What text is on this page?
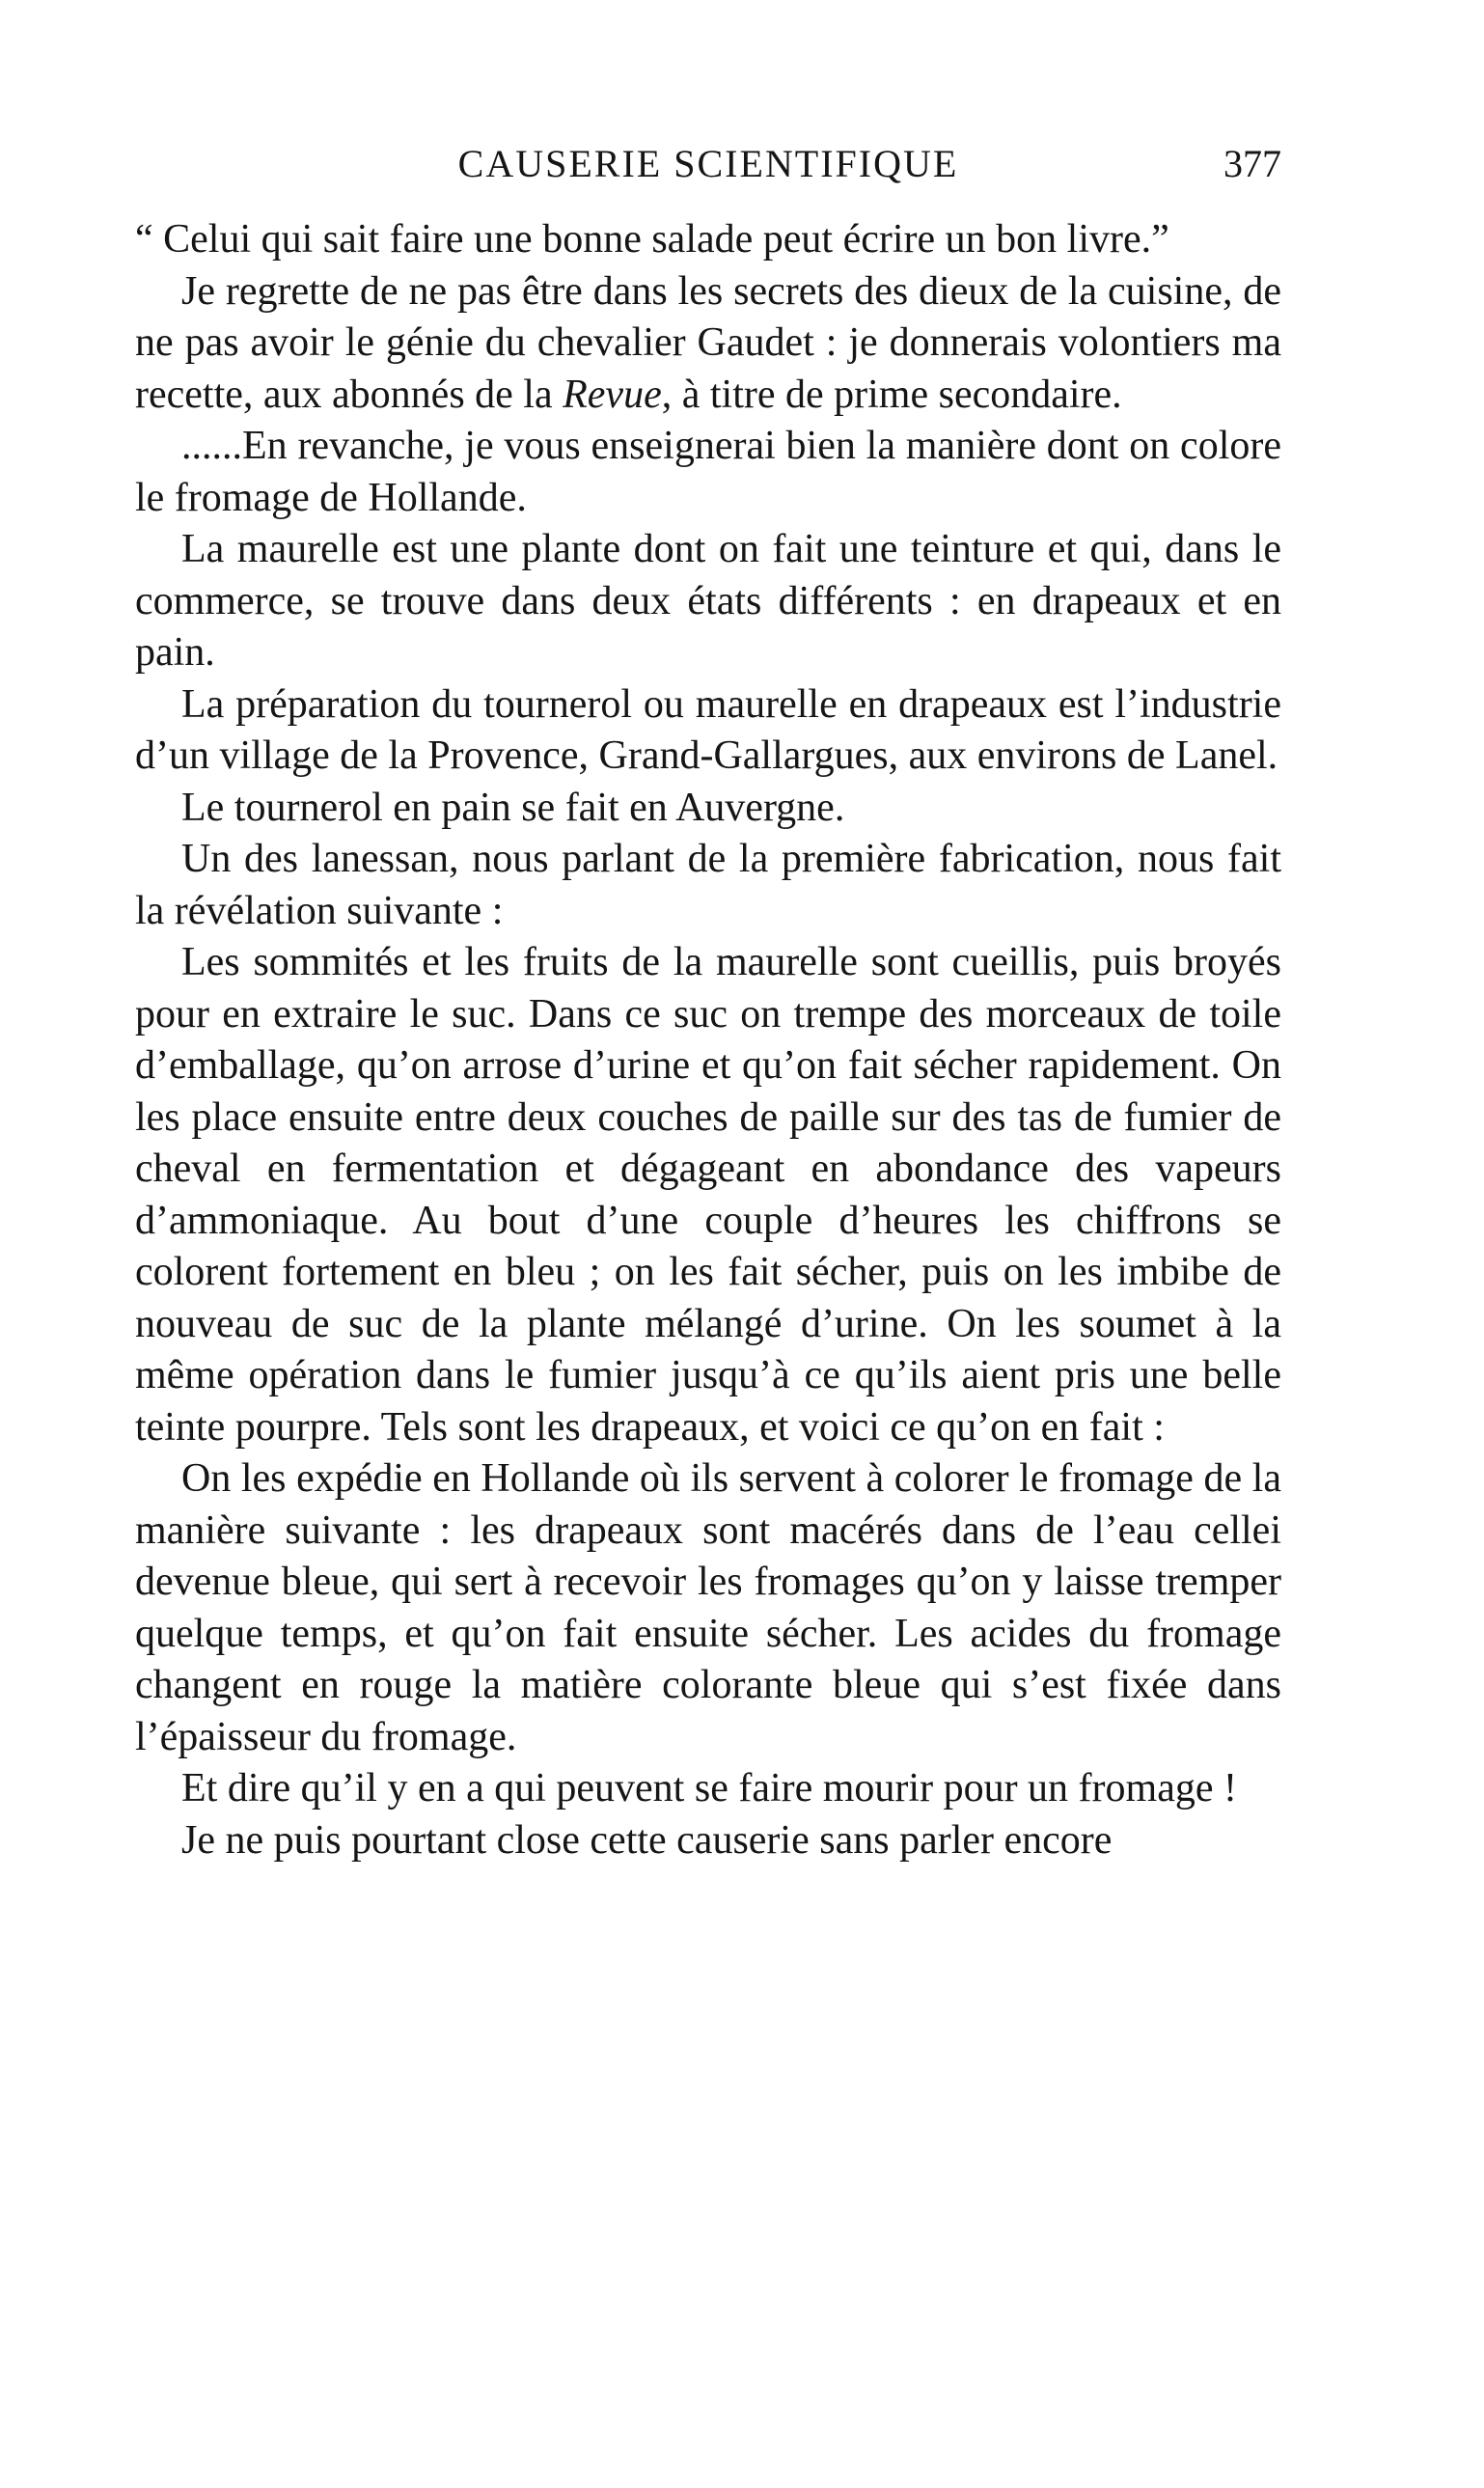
CAUSERIE SCIENTIFIQUE	377

“ Celui qui sait faire une bonne salade peut écrire un bon livre.”

Je regrette de ne pas être dans les secrets des dieux de la cuisine, de ne pas avoir le génie du chevalier Gaudet : je donnerais volontiers ma recette, aux abonnés de la Revue, à titre de prime secondaire.

......En revanche, je vous enseignerai bien la manière dont on colore le fromage de Hollande.

La maurelle est une plante dont on fait une teinture et qui, dans le commerce, se trouve dans deux états différents : en drapeaux et en pain.

La préparation du tournerol ou maurelle en drapeaux est l’industrie d’un village de la Provence, Grand-Gallargues, aux environs de Lanel.

Le tournerol en pain se fait en Auvergne.

Un des lanessan, nous parlant de la première fabrication, nous fait la révélation suivante :

Les sommités et les fruits de la maurelle sont cueillis, puis broyés pour en extraire le suc. Dans ce suc on trempe des morceaux de toile d’emballage, qu’on arrose d’urine et qu’on fait sécher rapidement. On les place ensuite entre deux couches de paille sur des tas de fumier de cheval en fermentation et dégageant en abondance des vapeurs d’ammoniaque. Au bout d’une couple d’heures les chiffrons se colorent fortement en bleu ; on les fait sécher, puis on les imbibe de nouveau de suc de la plante mélangé d’urine. On les soumet à la même opération dans le fumier jusqu’à ce qu’ils aient pris une belle teinte pourpre. Tels sont les drapeaux, et voici ce qu’on en fait :

On les expédie en Hollande où ils servent à colorer le fromage de la manière suivante : les drapeaux sont macérés dans de l’eau cellei devenue bleue, qui sert à recevoir les fromages qu’on y laisse tremper quelque temps, et qu’on fait ensuite sécher. Les acides du fromage changent en rouge la matière colorante bleue qui s’est fixée dans l’épaisseur du fromage.

Et dire qu’il y en a qui peuvent se faire mourir pour un fromage !

Je ne puis pourtant close cette causerie sans parler encore
